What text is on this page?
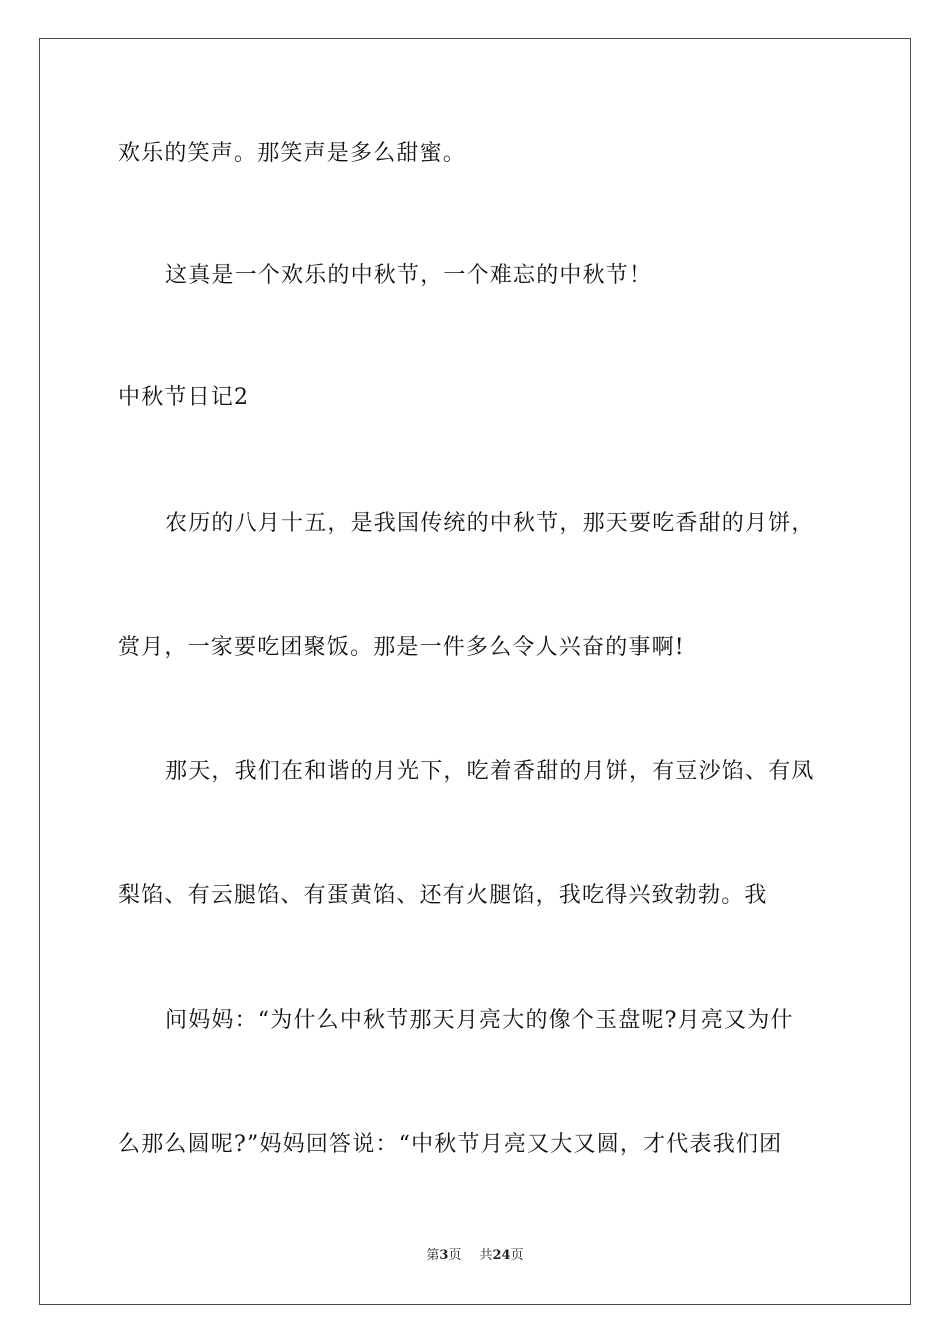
欢乐的笑声。那笑声是多么甜蜜。
这真是一个欢乐的中秋节，一个难忘的中秋节！
中秋节日记2
农历的八月十五，是我国传统的中秋节，那天要吃香甜的月饼，
赏月，一家要吃团聚饭。那是一件多么令人兴奋的事啊!
那天，我们在和谐的月光下，吃着香甜的月饼，有豆沙馅、有凤
梨馅、有云腿馅、有蛋黄馅、还有火腿馅，我吃得兴致勃勃。我
问妈妈：“为什么中秋节那天月亮大的像个玉盘呢?月亮又为什
么那么圆呢?”妈妈回答说：“中秋节月亮又大又圆，才代表我们团
第3页 共24页
